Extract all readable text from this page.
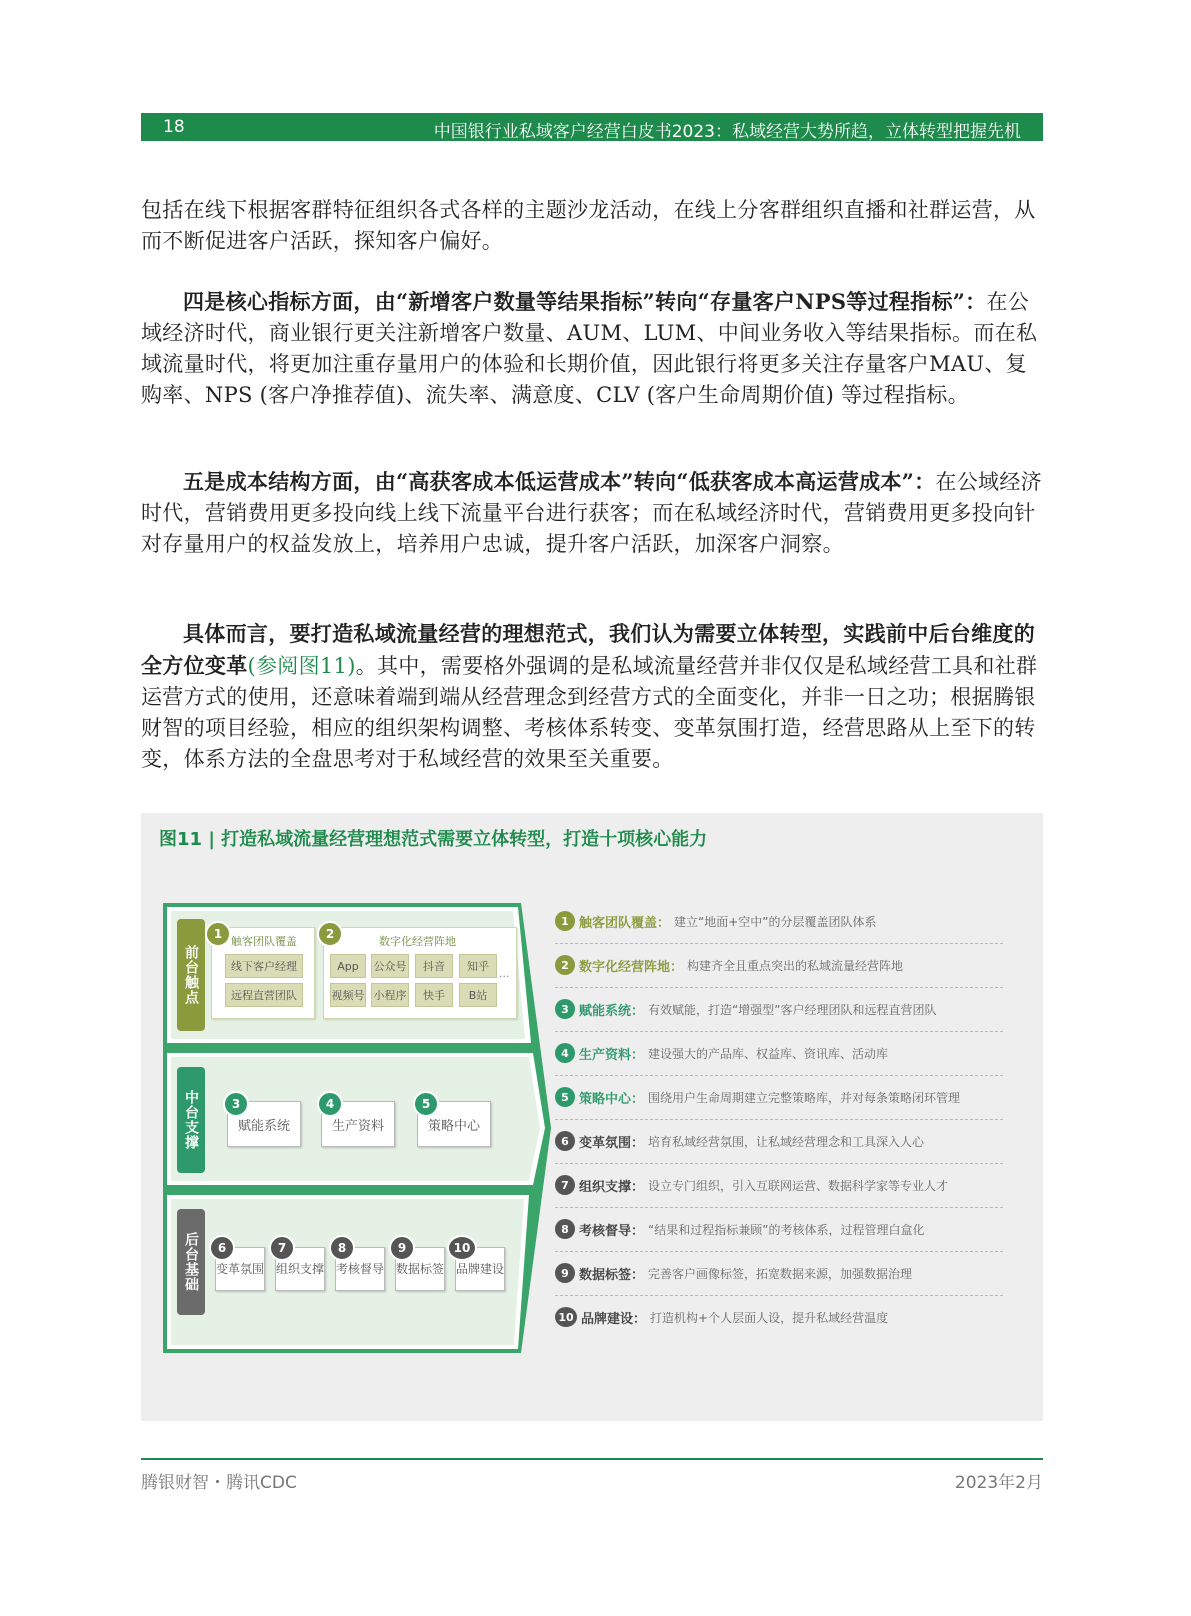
18	中国银行业私域客户经营白皮书2023：私域经营大势所趋，立体转型把握先机

包括在线下根据客群特征组织各式各样的主题沙龙活动，在线上分客群组织直播和社群运营，从而不断促进客户活跃，探知客户偏好。

四是核心指标方面，由“新增客户数量等结果指标”转向“存量客户NPS等过程指标”：在公域经济时代，商业银行更关注新增客户数量、AUM、LUM、中间业务收入等结果指标。而在私域流量时代，将更加注重存量用户的体验和长期价值，因此银行将更多关注存量客户MAU、复购率、NPS (客户净推荐值)、流失率、满意度、CLV (客户生命周期价值) 等过程指标。
五是成本结构方面，由“高获客成本低运营成本”转向“低获客成本高运营成本”：在公域经济时代，营销费用更多投向线上线下流量平台进行获客；而在私域经济时代，营销费用更多投向针对存量用户的权益发放上，培养用户忠诚，提升客户活跃，加深客户洞察。
具体而言，要打造私域流量经营的理想范式，我们认为需要立体转型，实践前中后台维度的全方位变革(参阅图11)。其中，需要格外强调的是私域流量经营并非仅仅是私域经营工具和社群运营方式的使用，还意味着端到端从经营理念到经营方式的全面变化，并非一日之功；根据腾银财智的项目经验，相应的组织架构调整、考核体系转变、变革氛围打造，经营思路从上至下的转变，体系方法的全盘思考对于私域经营的效果至关重要。
图11 | 打造私域流量经营理想范式需要立体转型，打造十项核心能力
前台触点
1
触客团队覆盖
线下客户经理
远程直营团队
2
数字化经营阵地
App	公众号	抖音	知乎
视频号 小程序	快手	B站
...
中台支撑	赋能系统
3
生产资料
4
策略中心
5
后台基础	变革氛围
6
组织支撑
7
考核督导
8
数据标签
9
品牌建设
10
1 触客团队覆盖： 建立“地面+空中”的分层覆盖团队体系
2 数字化经营阵地： 构建齐全且重点突出的私域流量经营阵地
3 赋能系统： 有效赋能，打造“增强型”客户经理团队和远程直营团队
4 生产资料： 建设强大的产品库、权益库、资讯库、活动库
5 策略中心： 围绕用户生命周期建立完整策略库，并对每条策略闭环管理
6 变革氛围： 培育私域经营氛围，让私域经营理念和工具深入人心
7 组织支撑： 设立专门组织，引入互联网运营、数据科学家等专业人才
8 考核督导： “结果和过程指标兼顾”的考核体系，过程管理白盒化
9 数据标签： 完善客户画像标签，拓宽数据来源，加强数据治理
10 品牌建设： 打造机构+个人层面人设，提升私域经营温度
腾银财智・腾讯CDC	2023年2月
